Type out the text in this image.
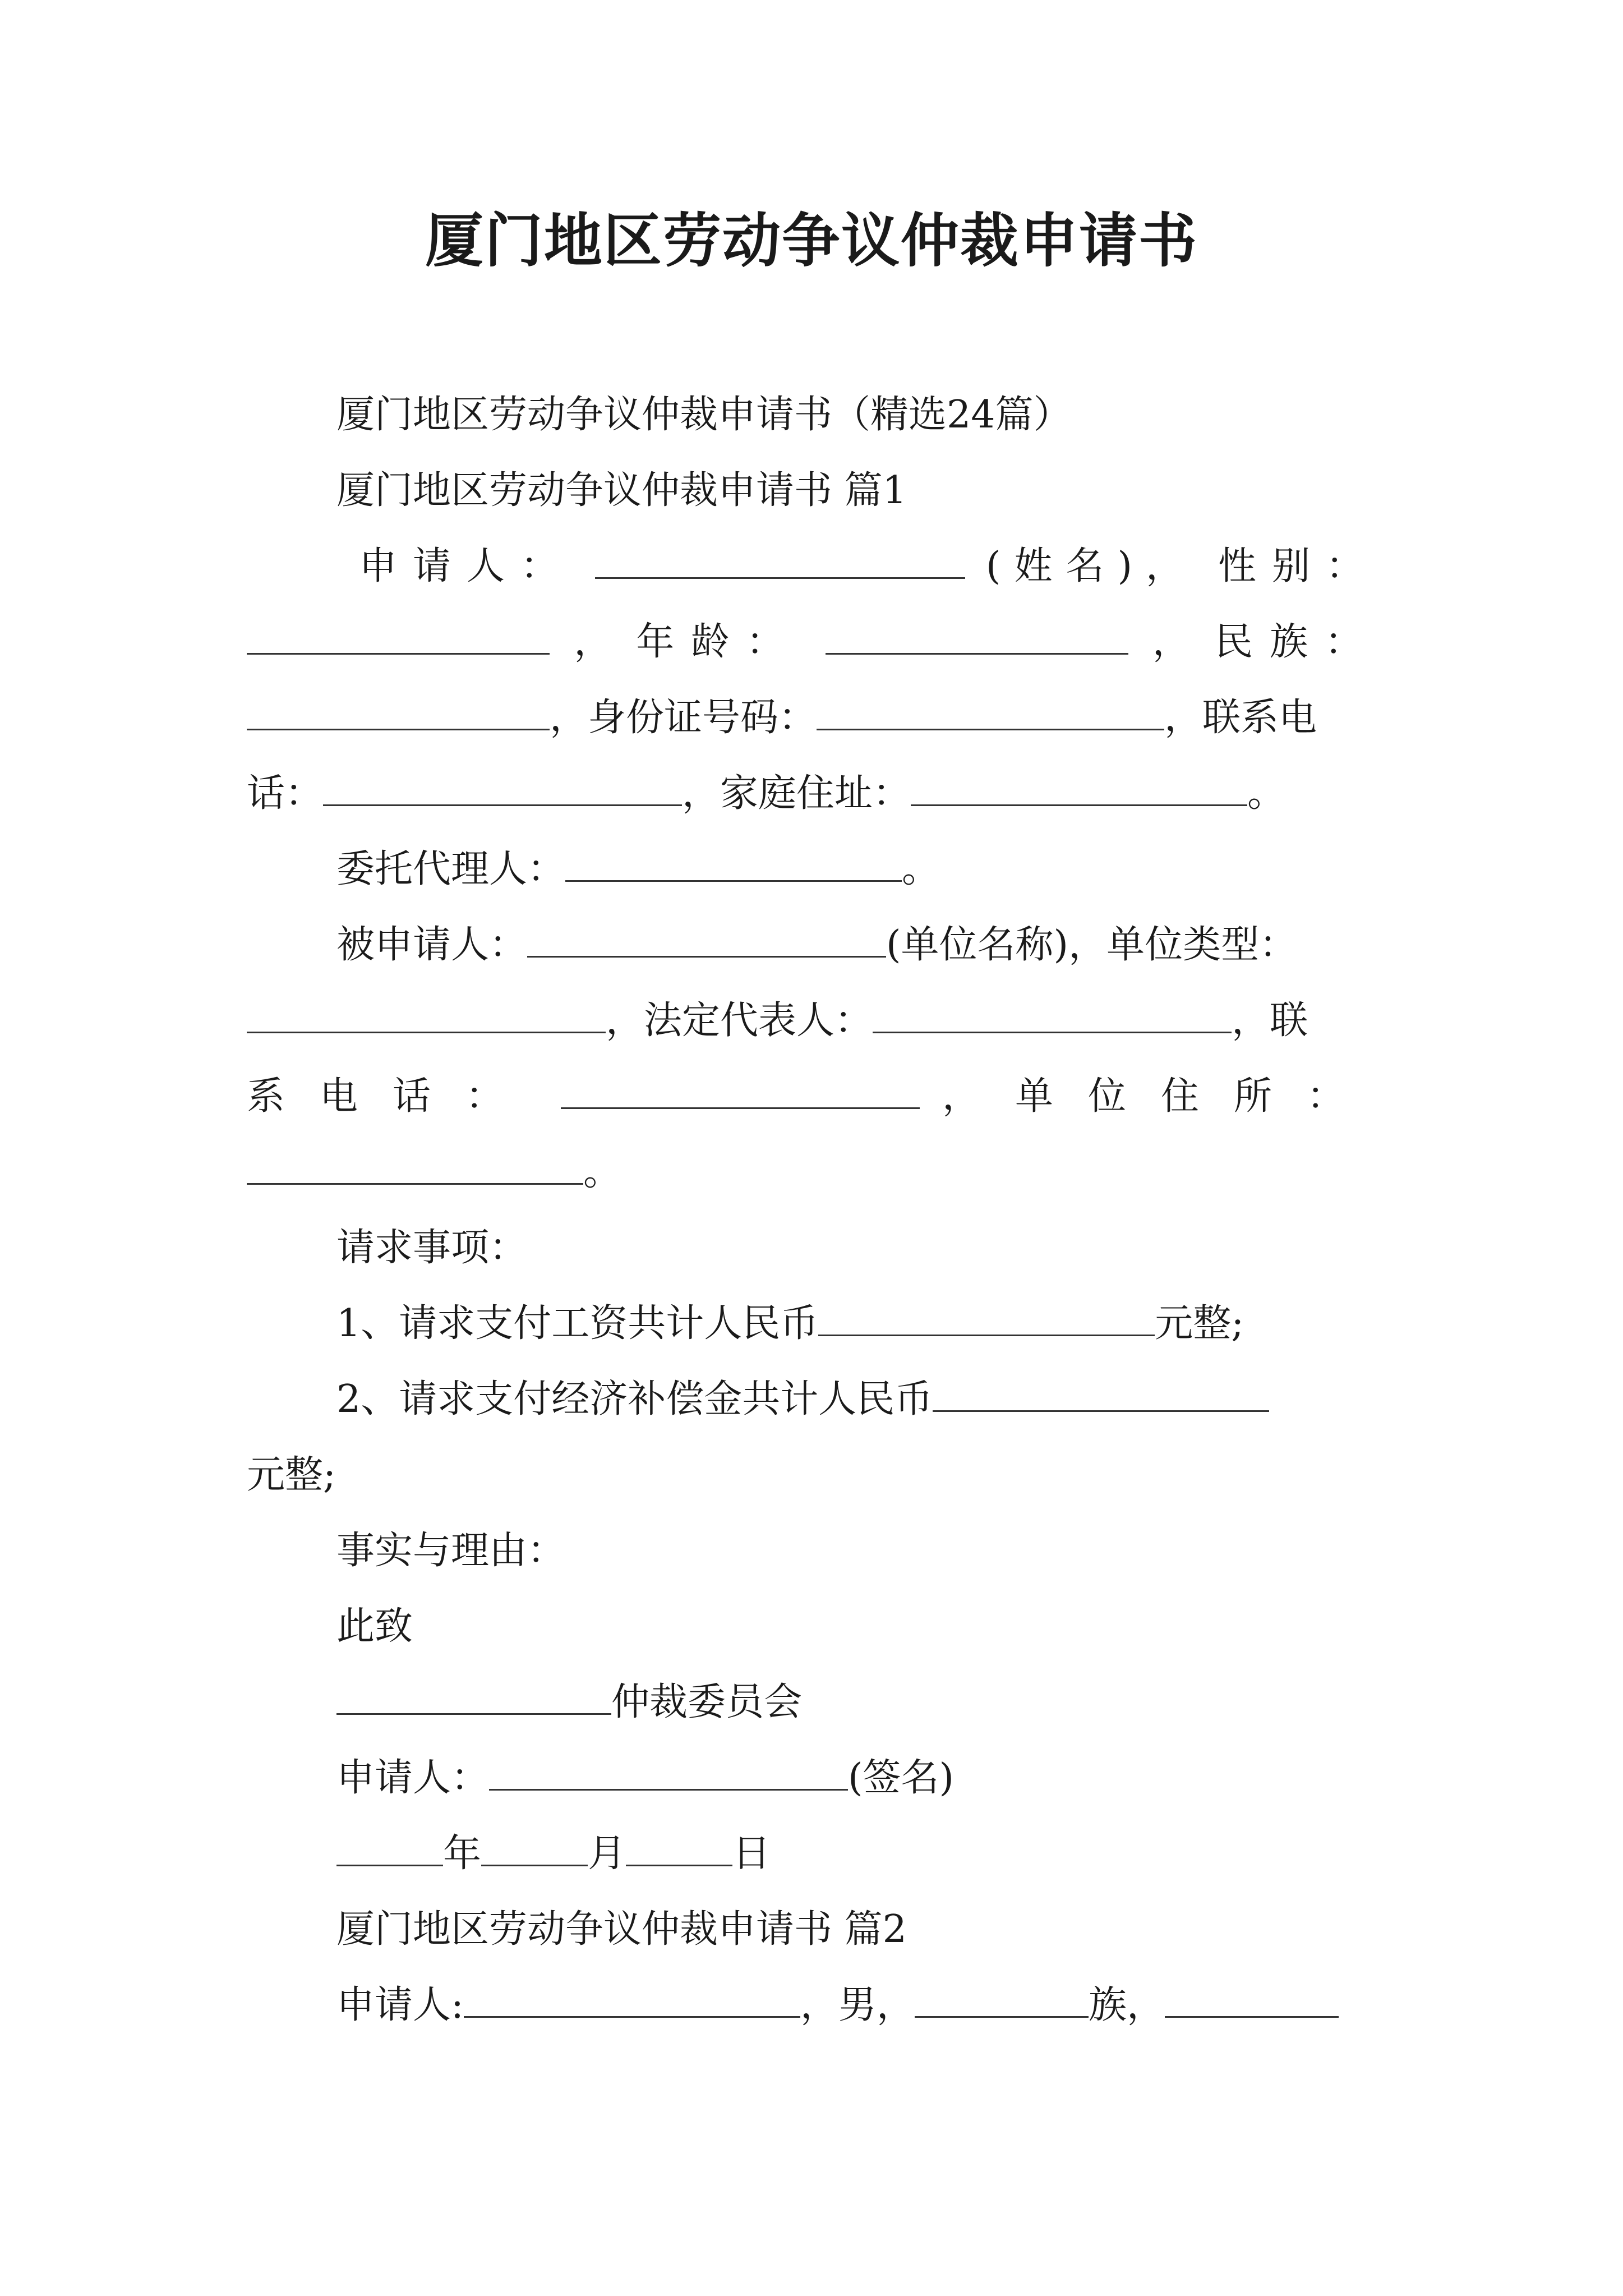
厦门地区劳动争议仲裁申请书
厦门地区劳动争议仲裁申请书（精选24篇）
厦门地区劳动争议仲裁申请书 篇1
申请人：	(姓名)， 性别：
， 年龄：	， 民族：
，身份证号码：	，联系电
话：	，家庭住址：	。
委托代理人：	。
被申请人：	(单位名称)，单位类型：
，法定代表人：	，联
系电话：	，单位住所：
。
请求事项：
1、请求支付工资共计人民币	元整;
2、请求支付经济补偿金共计人民币
元整;
事实与理由：
此致
仲裁委员会
申请人：	(签名)
年	月	日
厦门地区劳动争议仲裁申请书 篇2
申请人:	，男，	族，
